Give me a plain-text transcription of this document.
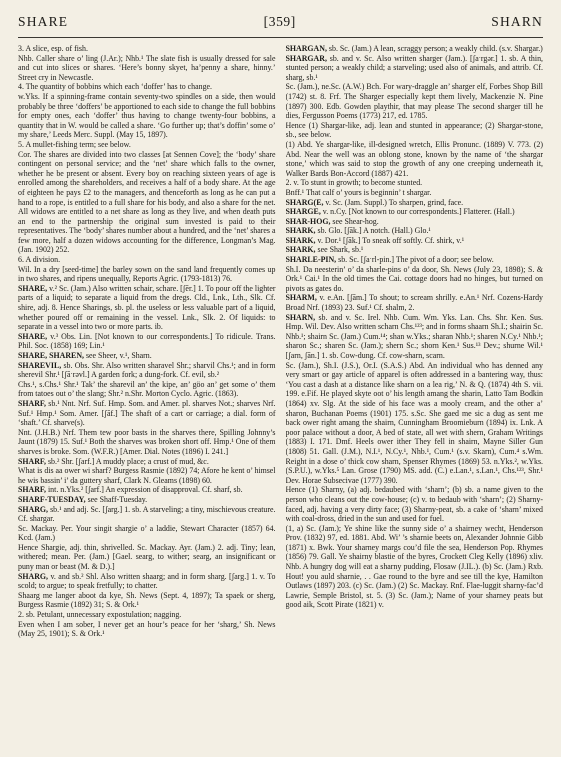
SHARE	[359]	SHARN

3. A slice, esp. of fish.

Nhb. Caller share o’ ling (J.Ar.); Nhb.¹ The slate fish is usually dressed for sale and cut into slices or shares. ‘Here’s bonny skyet, ha’penny a share, hinny.’ Street cry in Newcastle.

4. The quantity of bobbins which each ‘doffer’ has to change.

w.Yks. If a spinning-frame contain seventy-two spindles on a side, then would probably be three ‘doffers’ be apportioned to each side to change the full bobbins for empty ones, each ‘doffer’ thus having to change twenty-four bobbins, a quantity that in W. would be called a share. ‘Go further up; that’s doffin’ some o’ my share,’ Leeds Merc. Suppl. (May 15, 1897).

5. A mullet-fishing term; see below.

Cor. The shares are divided into two classes [at Sennen Cove]; the ‘body’ share contingent on personal service; and the ‘net’ share which falls to the owner, whether he be present or absent. Every boy on reaching sixteen years of age is enrolled among the shareholders, and receives a half of a body share. At the age of eighteen he pays £2 to the managers, and thenceforth as long as he can put a hand to a rope, is entitled to a full share for his body, and also a share for the net. All widows are entitled to a net share as long as they live, and when death puts an end to the partnership the original sum invested is paid to their representatives. The ‘body’ shares number about a hundred, and the ‘net’ shares a few more, half a dozen widows accounting for the difference, Longman’s Mag. (Jan. 1902) 252.

6. A division.

Wil. In a dry [seed-time] the barley sown on the sand land frequently comes up in two shares, and ripens unequally, Reports Agric. (1793-1813) 76.

SHARE, v.² Sc. (Jam.) Also written schair, schare. [ʃēr.] 1. To pour off the lighter parts of a liquid; to separate a liquid from the dregs. Cld., Lnk., Lth., Slk. Cf. shire, adj. 8. Hence Sharings, sb. pl. the useless or less valuable part of a liquid, whether poured off or remaining in the vessel. Lnk., Slk. 2. Of liquids: to separate in a vessel into two or more parts. ib.

SHARE, v.³ Obs. Lin. [Not known to our correspondents.] To ridicule. Trans. Phil. Soc. (1858) 169; Lin.¹

SHARE, SHAREN, see Sheer, v.¹, Sharn.

SHAREVIL, sb. Obs. Shr. Also written sharavel Shr.; sharvil Chs.¹; and in form sherevil Shr.¹ [ʃāˑrəvl.] A garden fork; a dung-fork. Cf. evil, sb.²

Chs.¹, s.Chs.¹ Shr.¹ Tak’ the sharevil an’ the kipe, an’ göo an’ get some o’ them from tatoes out o’ the slang; Shr.² n.Shr. Morton Cyclo. Agric. (1863).

SHARF, sb.¹ Nnt. Nrf. Suf. Hmp. Som. and Amer. pl. sharves Not.; sharves Nrf. Suf.¹ Hmp.¹ Som. Amer. [ʃāf.] The shaft of a cart or carriage; a dial. form of ‘shaft.’ Cf. sharve(s).

Nnt. (J.H.B.) Nrf. Them tew poor basts in the sharves there, Spilling Johnny’s Jaunt (1879) 15. Suf.¹ Both the sharves was broken short off. Hmp.¹ One of them sharves is broke. Som. (W.F.R.) [Amer. Dial. Notes (1896) I. 241.]

SHARF, sb.² Shr. [ʃarf.] A muddy place; a crust of mud, &c.

What is dis aa ower wi sharf? Burgess Rasmie (1892) 74; Afore he kent o’ himsel he wis bassin’ i’ da guttery sharf, Clark N. Gleams (1898) 60.

SHARF, int. n.Yks.² [ʃarf.] An expression of disapproval. Cf. sharf, sb.

SHARF-TUESDAY, see Shaff-Tuesday.

SHARG, sb.¹ and adj. Sc. [ʃarg.] 1. sb. A starveling; a tiny, mischievous creature. Cf. shargar.

Sc. Mackay. Per. Your singit shargie o’ a laddie, Stewart Character (1857) 64. Kcd. (Jam.)

Hence Shargie, adj. thin, shrivelled. Sc. Mackay. Ayr. (Jam.) 2. adj. Tiny; lean, withered; mean. Per. (Jam.) [Gael. searg, to wither; searg, an insignificant or puny man or beast (M. & D.).]

SHARG, v. and sb.² Shl. Also written shaarg; and in form sharg. [ʃarg.] 1. v. To scold; to argue; to speak fretfully; to chatter.

Shaarg me langer aboot da kye, Sh. News (Sept. 4, 1897); Ta spaek or sherg, Burgess Rasmie (1892) 31; S. & Ork.¹

2. sb. Petulant, unnecessary expostulation; nagging.

Even when I am sober, I never get an hour’s peace for her ‘sharg,’ Sh. News (May 25, 1901); S. & Ork.¹

SHARGAN, sb. Sc. (Jam.) A lean, scraggy person; a weakly child. (s.v. Shargar.)

SHARGAR, sb. and v. Sc. Also written sharger (Jam.). [ʃaˑrgər.] 1. sb. A thin, stunted person; a weakly child; a starveling; used also of animals, and attrib. Cf. sharg, sb.¹

Sc. (Jam.), ne.Sc. (A.W.) Bch. For wary-draggle an’ sharger elf, Forbes Shop Bill (1742) st. 8. Frf. The Sharger especially kept them lively, Mackenzie N. Pine (1897) 300. Edb. Gowden playthir, that may please The second sharger till he dies, Fergusson Poems (1773) 217, ed. 1785.

Hence (1) Shargar-like, adj. lean and stunted in appearance; (2) Shargar-stone, sb., see below.

(1) Abd. Ye shargar-like, ill-designed wretch, Ellis Pronunc. (1889) V. 773. (2) Abd. Near the well was an oblong stone, known by the name of ‘the shargar stone,’ which was said to stop the growth of any one creeping underneath it, Walker Bards Bon-Accord (1887) 421.

2. v. To stunt in growth; to become stunted.

Bnff.¹ That calf o’ yours is beginnin’ t shargar.

SHARG(E, v. Sc. (Jam. Suppl.) To sharpen, grind, face.

SHARGE, v. n.Cy. [Not known to our correspondents.] Flatterer. (Hall.)

SHAR-HOG, see Shear-hog.

SHARK, sb. Glo. [ʃāk.] A notch. (Hall.) Glo.¹

SHARK, v. Dor.¹ [ʃāk.] To sneak off softly. Cf. shirk, v.¹

SHARK, see Shark, sb.¹

SHARLE-PIN, sb. Sc. [ʃaˑrl-pin.] The pivot of a door; see below.

Sh.I. Da neesterin’ o’ da sharle-pins o’ da door, Sh. News (July 23, 1898); S. & Ork.¹ Cai.¹ In the old times the Cai. cottage doors had no hinges, but turned on pivots as gates do.

SHARM, v. e.An. [ʃām.] To shout; to scream shrilly. e.An.¹ Nrf. Cozens-Hardy Broad Nrf. (1893) 23. Suf.¹ Cf. shalm, 2.

SHARN, sb. and v. Sc. Irel. Nhb. Cum. Wm. Yks. Lan. Chs. Shr. Ken. Sus. Hmp. Wil. Dev. Also written scharn Chs.¹²³; and in forms shaarn Sh.I.; shairin Sc. Nhb.¹; shairn Sc. (Jam.) Cum.¹⁴; shan w.Yks.; sharan Nhb.¹; sharen N.Cy.¹ Nhb.¹; sharon Sc.; sharen Sc. (Jam.); shern Sc.; shorn Ken.¹ Sus.¹³ Dev.; shurne Wil.¹ [ʃarn, ʃān.] 1. sb. Cow-dung. Cf. cow-sharn, scarn.

Sc. (Jam.), Sh.I. (J.S.), Or.I. (S.A.S.) Abd. An individual who has denned any very smart or gay article of apparel is often addressed in a bantering way, thus: ‘You cast a dash at a distance like sharn on a lea rig,’ N. & Q. (1874) 4th S. vii. 199. e.Fif. He played skyte oot o’ his length amang the sharin, Latto Tam Bodkin (1864) xv. Slg. At the side of his face was a mooly cream, and the other a’ sharon, Buchanan Poems (1901) 175. s.Sc. She gaed me sic a dug as sent me back ower right amang the shairn, Cunningham Broomieburn (1894) ix. Lnk. A poor palace without a door, A bed of state, all wet with shern, Graham Writings (1883) I. 171. Dmf. Heels ower ither They fell in shairn, Mayne Siller Gun (1808) 51. Gall. (J.M.), N.I.¹, N.Cy.¹, Nhb.¹, Cum.¹ (s.v. Skarn), Cum.⁴ s.Wm. Reight in a dose o’ thick cow sharn, Spenser Rhymes (1869) 53. n.Yks.², w.Yks. (S.P.U.), w.Yks.⁵ Lan. Grose (1790) MS. add. (C.) e.Lan.¹, s.Lan.¹, Chs.¹²³, Shr.¹ Dev. Horae Subsecivae (1777) 390.

Hence (1) Sharny, (a) adj. bedaubed with ‘sharn’; (b) sb. a name given to the person who cleans out the cow-house; (c) v. to bedaub with ‘sharn’; (2) Sharny-faced, adj. having a very dirty face; (3) Sharny-peat, sb. a cake of ‘sharn’ mixed with coal-dross, dried in the sun and used for fuel.

(1, a) Sc. (Jam.); Ye shine like the sunny side o’ a shairney wecht, Henderson Prov. (1832) 97, ed. 1881. Abd. Wi’ ’s sharnie beets on, Alexander Johnnie Gibb (1871) x. Bwk. Your sharney margs cou’d file the sea, Henderson Pop. Rhymes (1856) 79. Gall. Ye shairny blastie of the byres, Crockett Cleg Kelly (1896) xliv. Nhb. A hungry dog will eat a sharny pudding, Flosaw (J.IL.). (b) Sc. (Jam.) Rxb. Hout! you auld sharnie, . . Gae round to the byre and see till the kye, Hamilton Outlaws (1897) 203. (c) Sc. (Jam.) (2) Sc. Mackay. Rnf. Flae-luggit sharny-fac’d Lawrie, Semple Bristol, st. 5. (3) Sc. (Jam.); Name of your sharney peats but good aik, Scott Pirate (1821) v.
